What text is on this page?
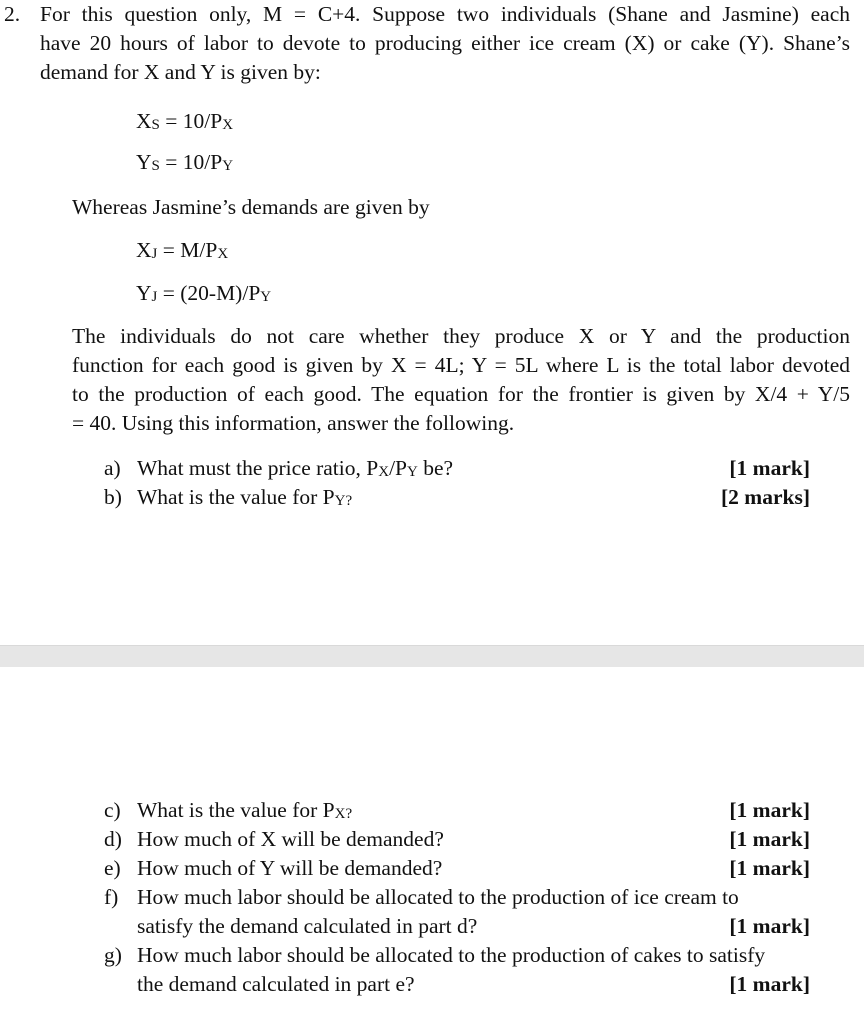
2. For this question only, M = C+4. Suppose two individuals (Shane and Jasmine) each
have 20 hours of labor to devote to producing either ice cream (X) or cake (Y). Shane’s
demand for X and Y is given by:
$X_S = 10/P_X$
$Y_S = 10/P_Y$
Whereas Jasmine’s demands are given by
$X_J = M/P_X$
$Y_J = (20-M)/P_Y$
The individuals do not care whether they produce X or Y and the production
function for each good is given by X = 4L; Y = 5L where L is the total labor devoted
to the production of each good. The equation for the frontier is given by X/4 + Y/5
= 40. Using this information, answer the following.
a) What must the price ratio, $P_X/P_Y$ be?	[1 mark]
b) What is the value for $P_{Y?}$	[2 marks]
c) What is the value for $P_{X?}$	[1 mark]
d) How much of X will be demanded?	[1 mark]
e) How much of Y will be demanded?	[1 mark]
f) How much labor should be allocated to the production of ice cream to
satisfy the demand calculated in part d?	[1 mark]
g) How much labor should be allocated to the production of cakes to satisfy
the demand calculated in part e?	[1 mark]
